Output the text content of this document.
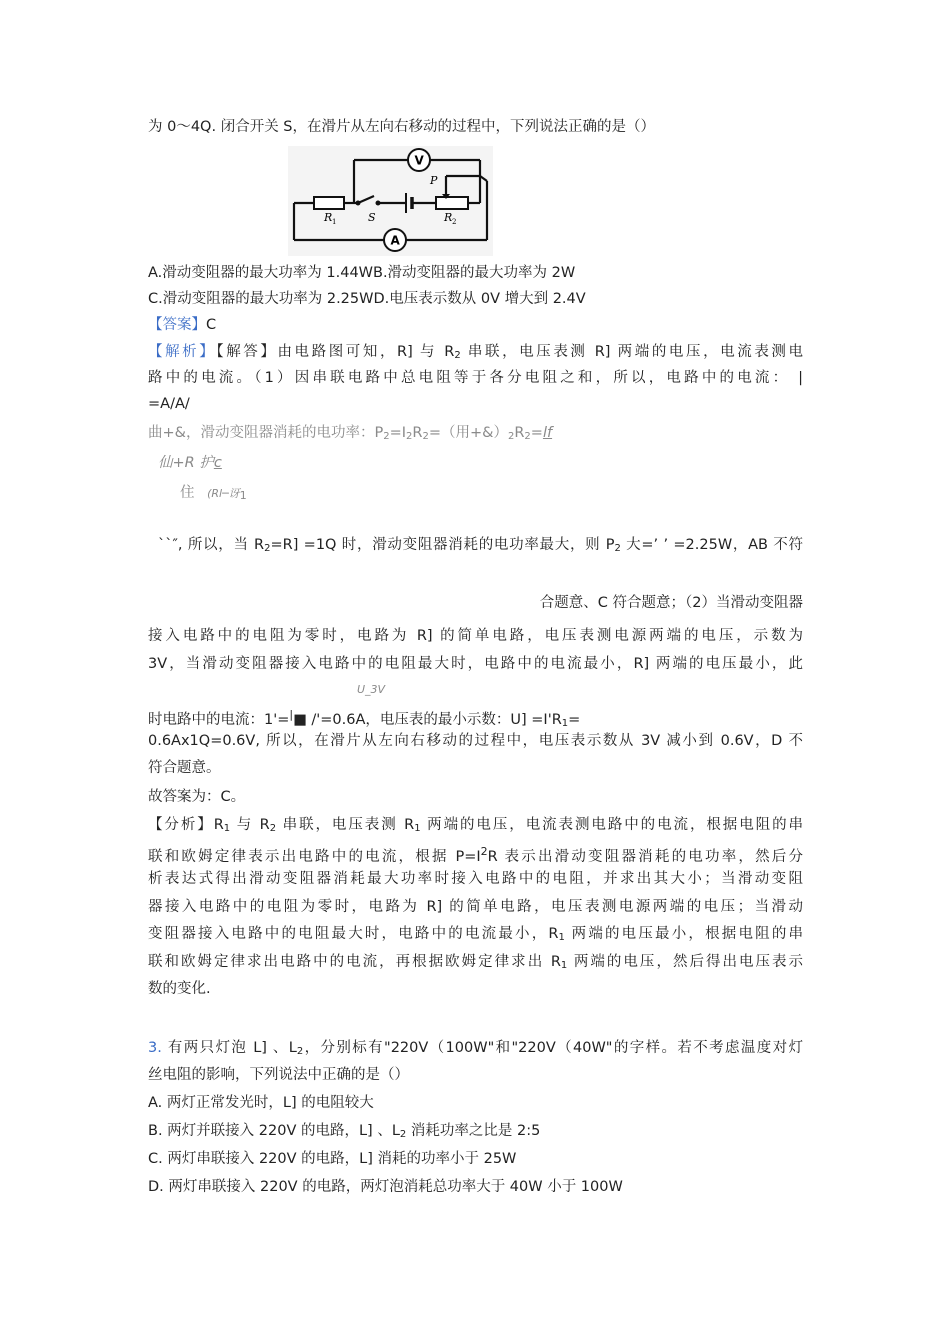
为 0〜4Q. 闭合开关 S，在滑片从左向右移动的过程中，下列说法正确的是（）
R 1	S
P
R 2
V
A
A.滑动变阻器的最大功率为 1.44WB.滑动变阻器的最大功率为 2W
C.滑动变阻器的最大功率为 2.25WD.电压表示数从 0V 增大到 2.4V
【答案】C
【解析】【解答】由电路图可知，R] 与 $R_2$ 串联，电压表测 R] 两端的电压，电流表测电
路中的电流。（1）因串联电路中总电阻等于各分电阻之和，所以，电路中的电流： |
=A/A/
曲+&，滑动变阻器消耗的电功率：$P_2=I_2R_2=$（用$+\&)_2R_2=lf$
仙+R 护c
住 (Rl─讶$_1$
``″, 所以，当 $R_2=R] =1Q$ 时，滑动变阻器消耗的电功率最大，则 $P_2$ 大=’ ’ =2.25W，AB 不符
合题意、C 符合题意；（2）当滑动变阻器
接入电路中的电阻为零时，电路为 R] 的简单电路，电压表测电源两端的电压，示数为
3V，当滑动变阻器接入电路中的电阻最大时，电路中的电流最小，R] 两端的电压最小，此
U_3V
时电路中的电流：1'=|■ /'=0.6A，电压表的最小示数：$U] =I'R_1=$
0.6Ax1Q=0.6V, 所以，在滑片从左向右移动的过程中，电压表示数从 3V 减小到 0.6V，D 不
符合题意。
故答案为：C。
【分析】$R_1$ 与 $R_2$ 串联，电压表测 $R_1$ 两端的电压，电流表测电路中的电流，根据电阻的串
联和欧姆定律表示出电路中的电流，根据 $P=I^2R$ 表示出滑动变阻器消耗的电功率，然后分
析表达式得出滑动变阻器消耗最大功率时接入电路中的电阻，并求出其大小；当滑动变阻
器接入电路中的电阻为零时，电路为 R] 的简单电路，电压表测电源两端的电压；当滑动
变阻器接入电路中的电阻最大时，电路中的电流最小，$R_1$ 两端的电压最小，根据电阻的串
联和欧姆定律求出电路中的电流，再根据欧姆定律求出 $R_1$ 两端的电压，然后得出电压表示
数的变化.
3. 有两只灯泡 L] 、$L_2$，分别标有"220V（100W"和"220V（40W"的字样。若不考虑温度对灯
丝电阻的影响，下列说法中正确的是（）
A. 两灯正常发光时，L] 的电阻较大
B. 两灯并联接入 220V 的电路，L] 、$L_2$ 消耗功率之比是 2:5
C. 两灯串联接入 220V 的电路，L] 消耗的功率小于 25W
D. 两灯串联接入 220V 的电路，两灯泡消耗总功率大于 40W 小于 100W
